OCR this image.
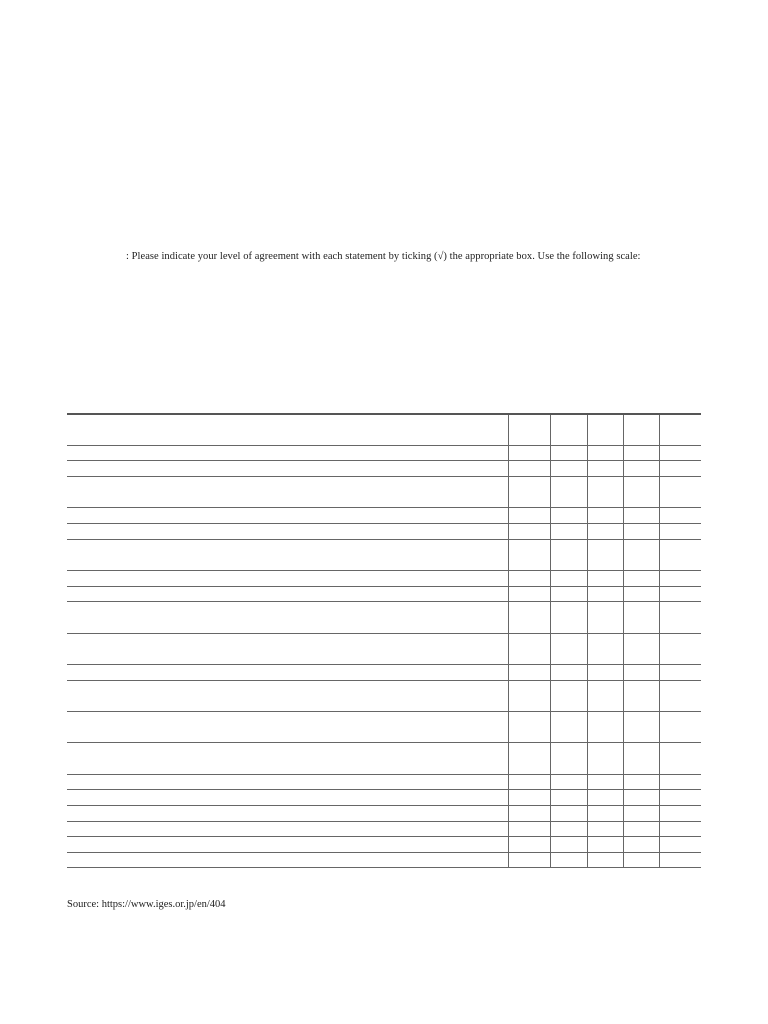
: Please indicate your level of agreement with each statement by ticking (√) the appropriate box. Use the following scale:

Source: https://www.iges.or.jp/en/404
